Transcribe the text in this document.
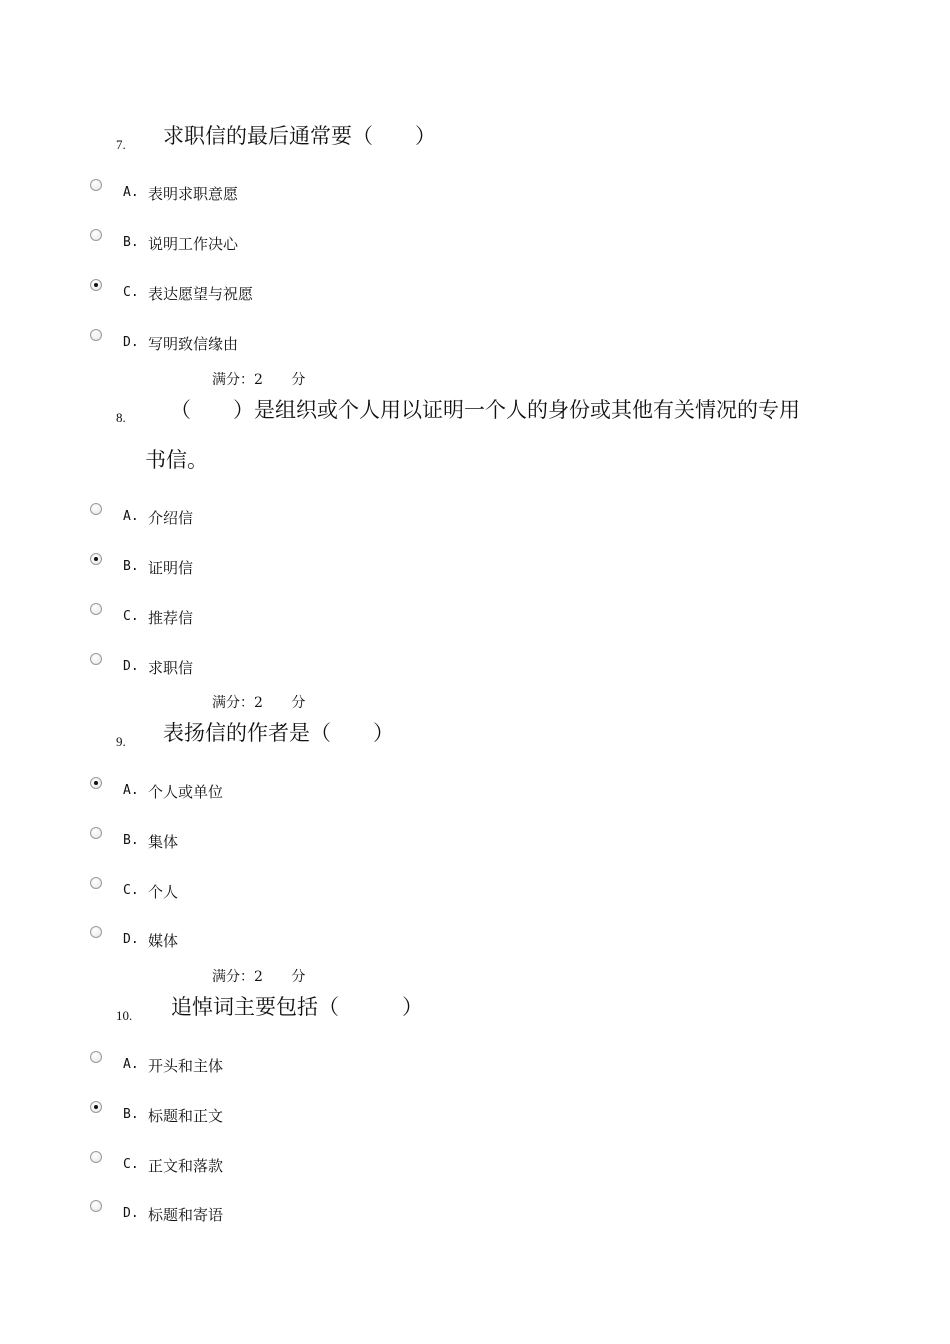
7. 求职信的最后通常要（　　）
A. 表明求职意愿
B. 说明工作决心
C. 表达愿望与祝愿
D. 写明致信缘由
满分：2 分
8. （　　）是组织或个人用以证明一个人的身份或其他有关情况的专用
书信。
A. 介绍信
B. 证明信
C. 推荐信
D. 求职信
满分：2 分
9. 表扬信的作者是（　　）
A. 个人或单位
B. 集体
C. 个人
D. 媒体
满分：2 分
10. 追悼词主要包括（　　　）
A. 开头和主体
B. 标题和正文
C. 正文和落款
D. 标题和寄语
